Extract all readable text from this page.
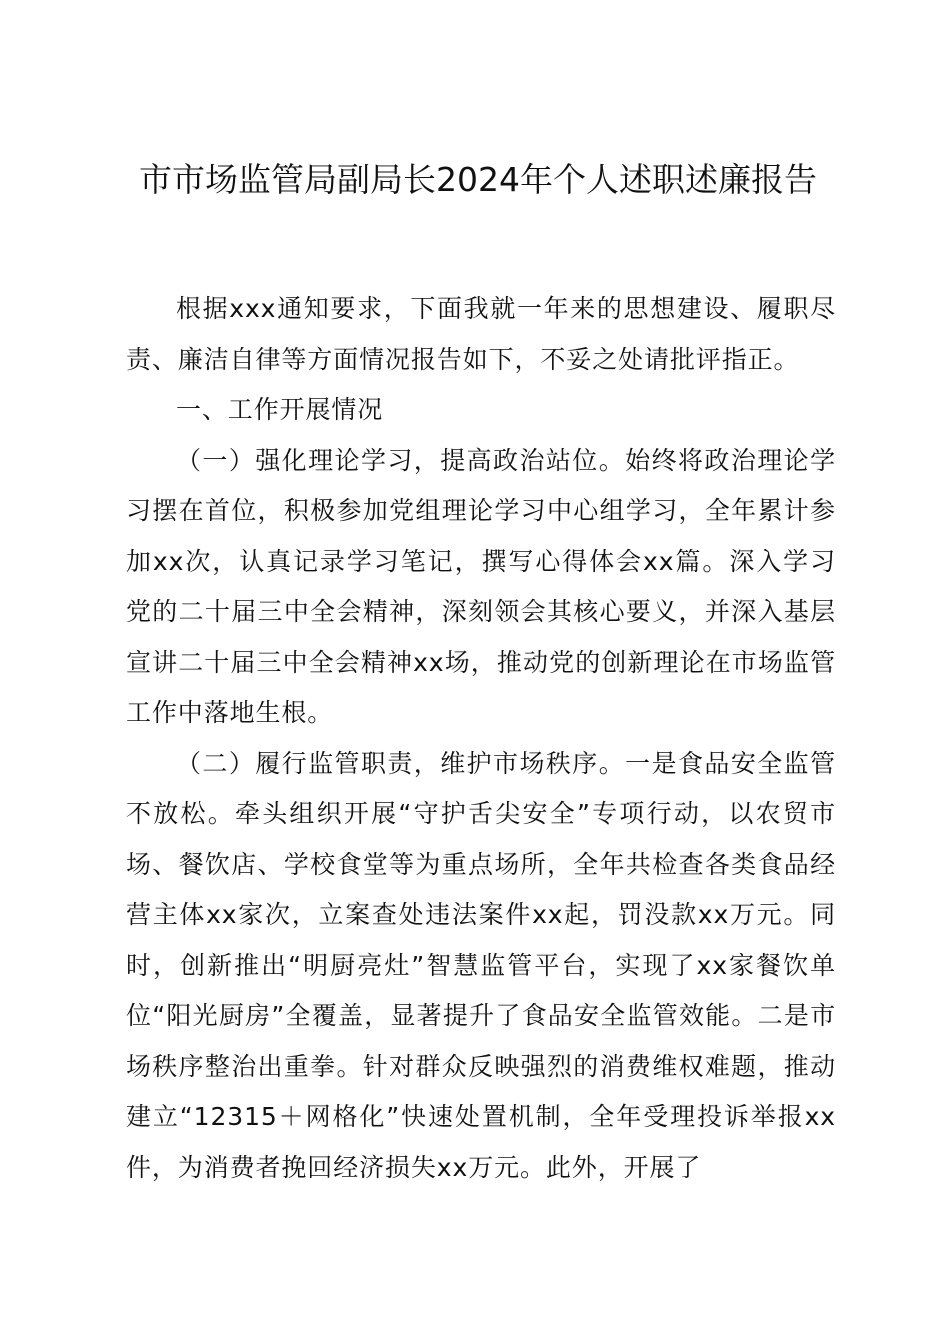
市市场监管局副局长2024年个人述职述廉报告

根据xxx通知要求，下面我就一年来的思想建设、履职尽责、廉洁自律等方面情况报告如下，不妥之处请批评指正。

一、工作开展情况

（一）强化理论学习，提高政治站位。始终将政治理论学习摆在首位，积极参加党组理论学习中心组学习，全年累计参加xx次，认真记录学习笔记，撰写心得体会xx篇。深入学习党的二十届三中全会精神，深刻领会其核心要义，并深入基层宣讲二十届三中全会精神xx场，推动党的创新理论在市场监管工作中落地生根。

（二）履行监管职责，维护市场秩序。一是食品安全监管不放松。牵头组织开展“守护舌尖安全”专项行动，以农贸市场、餐饮店、学校食堂等为重点场所，全年共检查各类食品经营主体xx家次，立案查处违法案件xx起，罚没款xx万元。同时，创新推出“明厨亮灶”智慧监管平台，实现了xx家餐饮单位“阳光厨房”全覆盖，显著提升了食品安全监管效能。二是市场秩序整治出重拳。针对群众反映强烈的消费维权难题，推动建立“12315＋网格化”快速处置机制，全年受理投诉举报xx件，为消费者挽回经济损失xx万元。此外，开展了
